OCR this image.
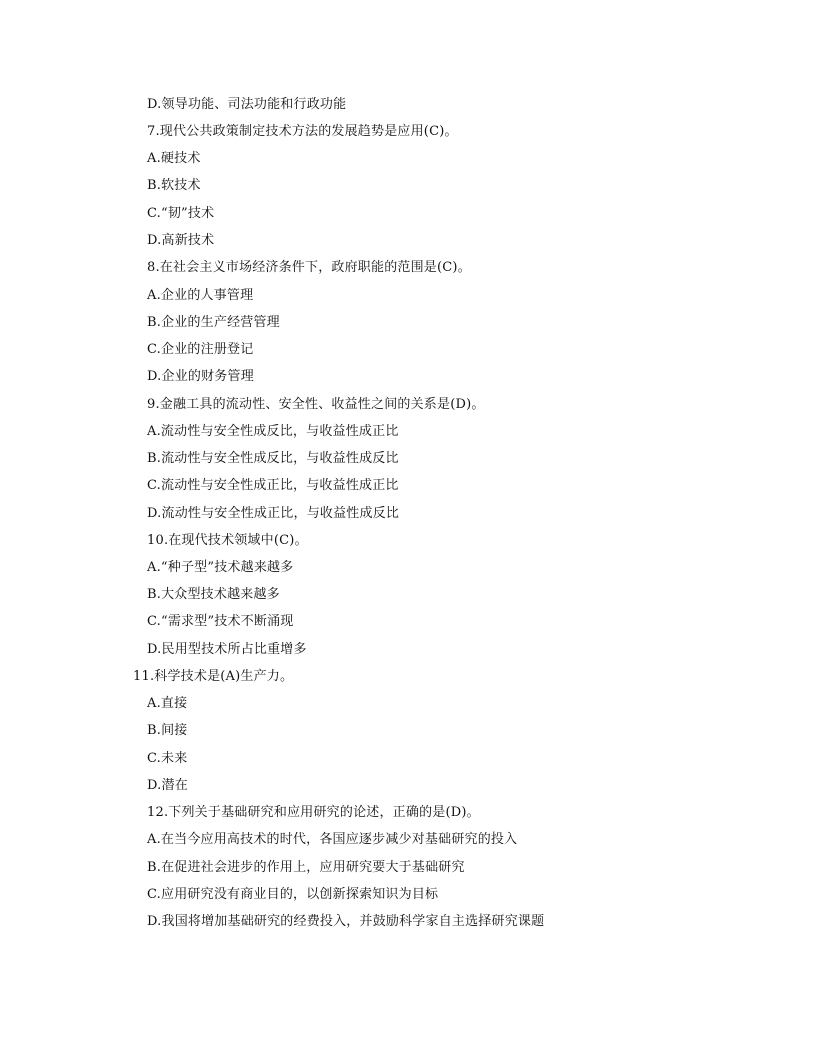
D.领导功能、司法功能和行政功能
7.现代公共政策制定技术方法的发展趋势是应用(C)。
A.硬技术
B.软技术
C.“韧”技术
D.高新技术
8.在社会主义市场经济条件下，政府职能的范围是(C)。
A.企业的人事管理
B.企业的生产经营管理
C.企业的注册登记
D.企业的财务管理
9.金融工具的流动性、安全性、收益性之间的关系是(D)。
A.流动性与安全性成反比，与收益性成正比
B.流动性与安全性成反比，与收益性成反比
C.流动性与安全性成正比，与收益性成正比
D.流动性与安全性成正比，与收益性成反比
10.在现代技术领域中(C)。
A.“种子型”技术越来越多
B.大众型技术越来越多
C.“需求型”技术不断涌现
D.民用型技术所占比重增多
11.科学技术是(A)生产力。
A.直接
B.间接
C.未来
D.潜在
12.下列关于基础研究和应用研究的论述，正确的是(D)。
A.在当今应用高技术的时代，各国应逐步减少对基础研究的投入
B.在促进社会进步的作用上，应用研究要大于基础研究
C.应用研究没有商业目的，以创新探索知识为目标
D.我国将增加基础研究的经费投入，并鼓励科学家自主选择研究课题
